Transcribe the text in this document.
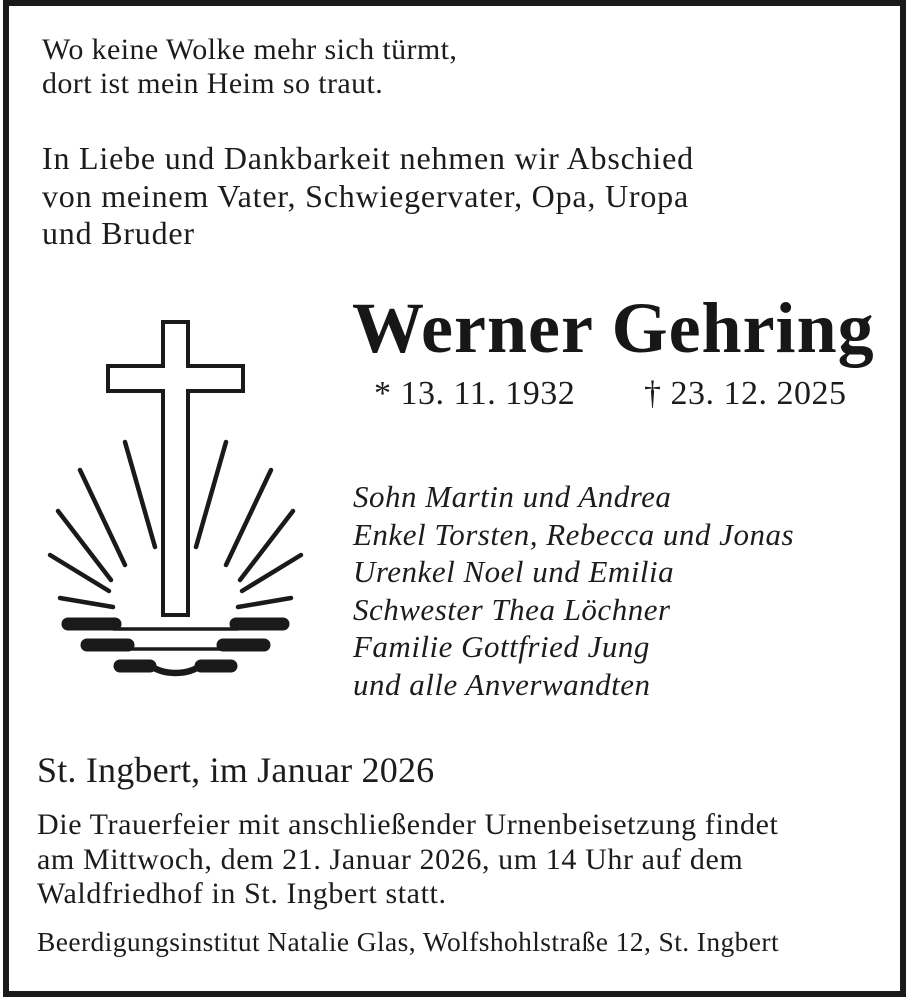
Wo keine Wolke mehr sich türmt,
dort ist mein Heim so traut.
In Liebe und Dankbarkeit nehmen wir Abschied
von meinem Vater, Schwiegervater, Opa, Uropa
und Bruder
Werner Gehring
* 13. 11. 1932 † 23. 12. 2025
Sohn Martin und Andrea
Enkel Torsten, Rebecca und Jonas
Urenkel Noel und Emilia
Schwester Thea Löchner
Familie Gottfried Jung
und alle Anverwandten
St. Ingbert, im Januar 2026
Die Trauerfeier mit anschließender Urnenbeisetzung findet
am Mittwoch, dem 21. Januar 2026, um 14 Uhr auf dem
Waldfriedhof in St. Ingbert statt.
Beerdigungsinstitut Natalie Glas, Wolfshohlstraße 12, St. Ingbert
